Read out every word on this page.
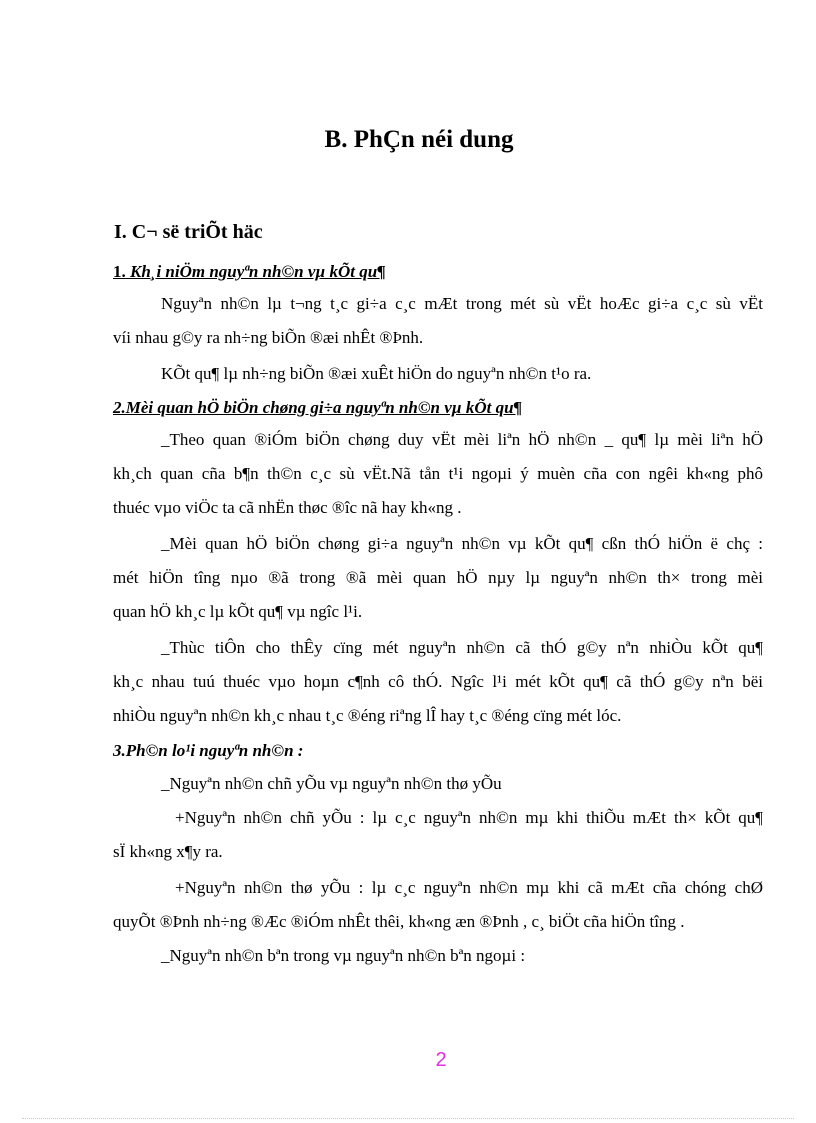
B. PhÇn néi dung
I. C¬ së triÕt häc
1. Kh¸i niÖm nguyªn nh©n vµ kÕt qu¶
Nguyªn nh©n lµ t¬ng t¸c gi÷a c¸c mÆt trong mét sù vËt hoÆc gi÷a c¸c sù vËt
víi nhau g©y ra nh÷ng biÕn ®æi nhÊt ®Þnh.
KÕt qu¶ lµ nh÷ng biÕn ®æi xuÊt hiÖn do nguyªn nh©n t¹o ra.
2.Mèi quan hÖ biÖn chøng gi÷a nguyªn nh©n vµ kÕt qu¶
_Theo quan ®iÓm biÖn chøng duy vËt mèi liªn hÖ nh©n _ qu¶ lµ mèi liªn hÖ
kh¸ch quan cña b¶n th©n c¸c sù vËt.Nã tån t¹i ngoµi ý muèn cña con ngêi kh«ng phô
thuéc vµo viÖc ta cã nhËn thøc ®îc nã hay kh«ng .
_Mèi quan hÖ biÖn chøng gi÷a nguyªn nh©n vµ kÕt qu¶ cßn thÓ hiÖn ë chç :
mét hiÖn tîng nµo ®ã trong ®ã mèi quan hÖ nµy lµ nguyªn nh©n th× trong mèi
quan hÖ kh¸c lµ kÕt qu¶ vµ ngîc l¹i.
_Thùc tiÔn cho thÊy cïng mét nguyªn nh©n cã thÓ g©y nªn nhiÒu kÕt qu¶
kh¸c nhau tuú thuéc vµo hoµn c¶nh cô thÓ. Ngîc l¹i mét kÕt qu¶ cã thÓ g©y nªn bëi
nhiÒu nguyªn nh©n kh¸c nhau t¸c ®éng riªng lÎ hay t¸c ®éng cïng mét lóc.
3.Ph©n lo¹i nguyªn nh©n :
_Nguyªn nh©n chñ yÕu vµ nguyªn nh©n thø yÕu
+Nguyªn nh©n chñ yÕu : lµ c¸c nguyªn nh©n mµ khi thiÕu mÆt th× kÕt qu¶
sÏ kh«ng x¶y ra.
+Nguyªn nh©n thø yÕu : lµ c¸c nguyªn nh©n mµ khi cã mÆt cña chóng chØ
quyÕt ®Þnh nh÷ng ®Æc ®iÓm nhÊt thêi, kh«ng æn ®Þnh , c¸ biÖt cña hiÖn tîng .
_Nguyªn nh©n bªn trong vµ nguyªn nh©n bªn ngoµi :
2
